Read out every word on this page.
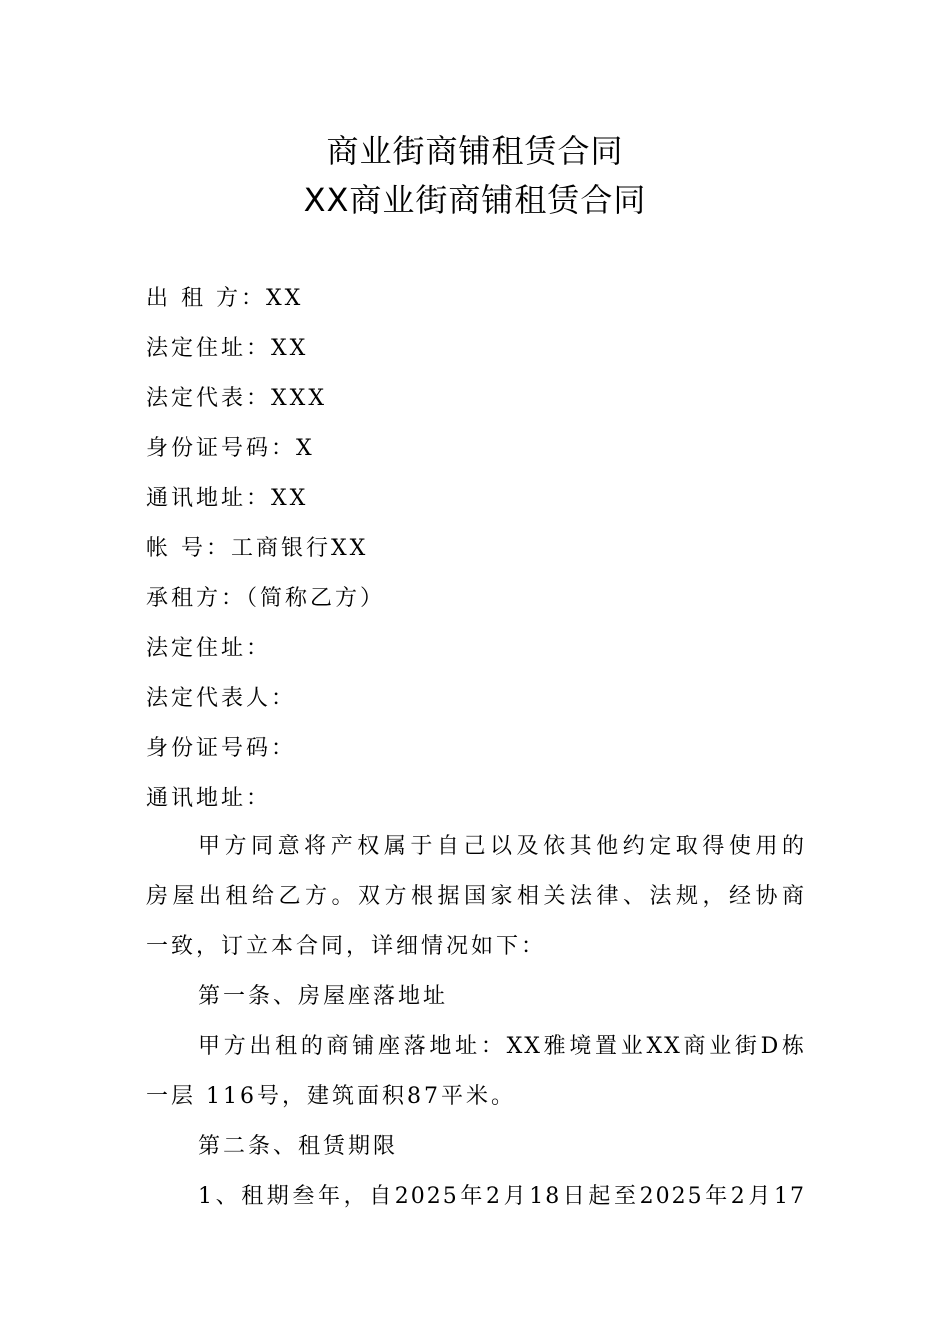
商业街商铺租赁合同
XX商业街商铺租赁合同
出 租 方：XX
法定住址：XX
法定代表：XXX
身份证号码：X
通讯地址：XX
帐 号：工商银行XX
承租方：（简称乙方）
法定住址：
法定代表人：
身份证号码：
通讯地址：
甲方同意将产权属于自己以及依其他约定取得使用的
房屋出租给乙方。双方根据国家相关法律、法规，经协商
一致，订立本合同，详细情况如下：
第一条、房屋座落地址
甲方出租的商铺座落地址：XX雅境置业XX商业街D栋
一层 116号，建筑面积87平米。
第二条、租赁期限
1、租期叁年，自2025年2月18日起至2025年2月17
